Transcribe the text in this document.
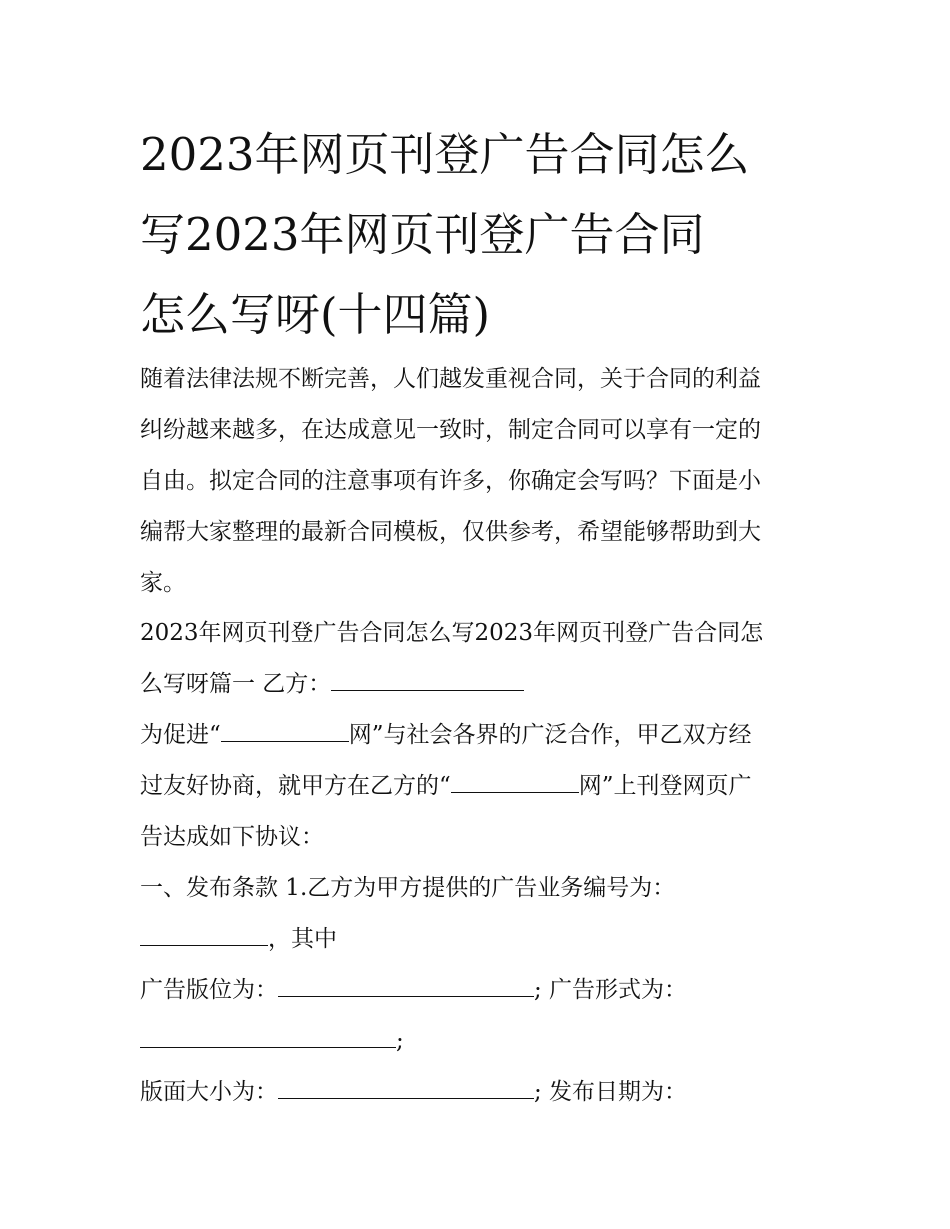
2023年网页刊登广告合同怎么
写2023年网页刊登广告合同
怎么写呀(十四篇)

随着法律法规不断完善，人们越发重视合同，关于合同的利益
纠纷越来越多，在达成意见一致时，制定合同可以享有一定的
自由。拟定合同的注意事项有许多，你确定会写吗？下面是小
编帮大家整理的最新合同模板，仅供参考，希望能够帮助到大
家。

2023年网页刊登广告合同怎么写2023年网页刊登广告合同怎
么写呀篇一 乙方：
为促进“	网”与社会各界的广泛合作，甲乙双方经
过友好协商，就甲方在乙方的“	网”上刊登网页广
告达成如下协议：
一、发布条款 1.乙方为甲方提供的广告业务编号为：
，其中
广告版位为：	; 广告形式为：
;
版面大小为：	; 发布日期为：
